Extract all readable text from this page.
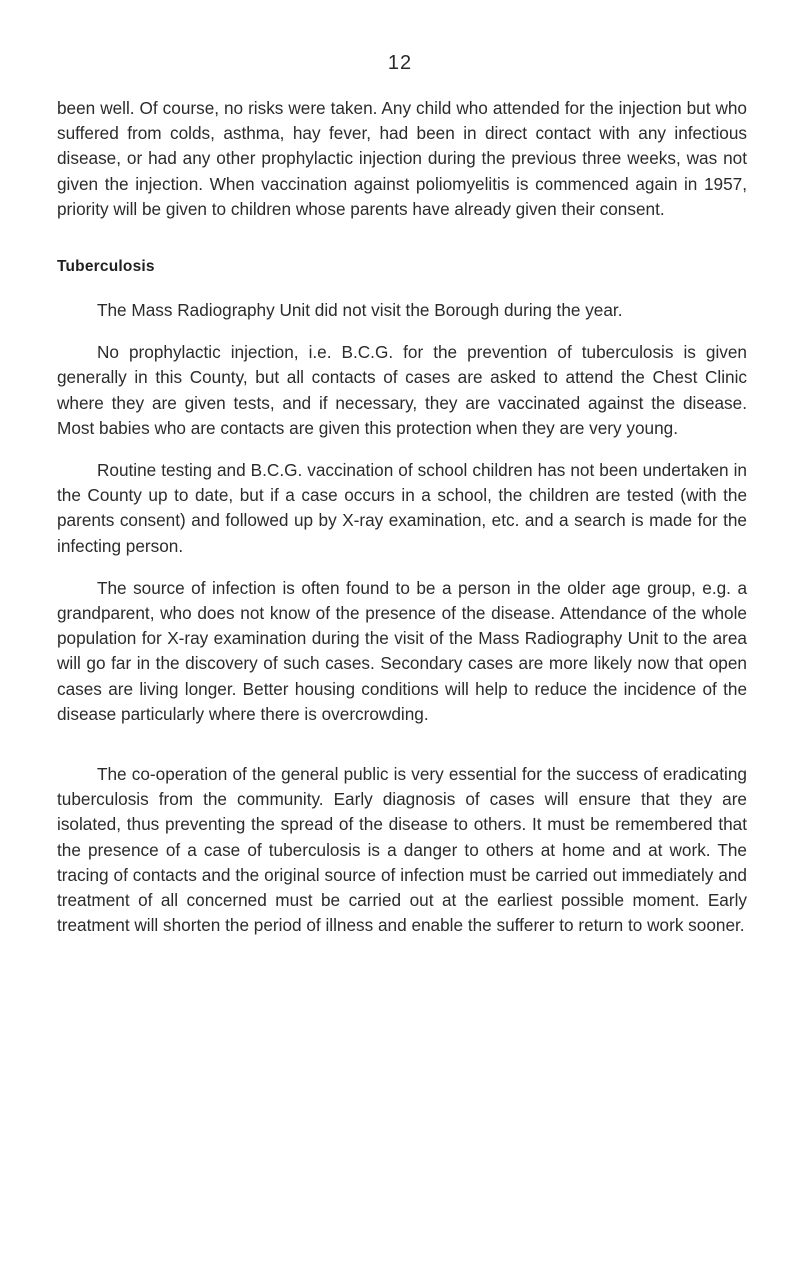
12

been well. Of course, no risks were taken. Any child who attended for the injection but who suffered from colds, asthma, hay fever, had been in direct contact with any infectious disease, or had any other prophylactic injection during the previous three weeks, was not given the injection. When vaccination against poliomyelitis is commenced again in 1957, priority will be given to children whose parents have already given their consent.

Tuberculosis

The Mass Radiography Unit did not visit the Borough during the year.

No prophylactic injection, i.e. B.C.G. for the prevention of tuberculosis is given generally in this County, but all contacts of cases are asked to attend the Chest Clinic where they are given tests, and if necessary, they are vaccinated against the disease. Most babies who are contacts are given this protection when they are very young.

Routine testing and B.C.G. vaccination of school children has not been undertaken in the County up to date, but if a case occurs in a school, the children are tested (with the parents consent) and followed up by X-ray examination, etc. and a search is made for the infecting person.

The source of infection is often found to be a person in the older age group, e.g. a grandparent, who does not know of the presence of the disease. Attendance of the whole population for X-ray examination during the visit of the Mass Radiography Unit to the area will go far in the discovery of such cases. Secondary cases are more likely now that open cases are living longer. Better housing conditions will help to reduce the incidence of the disease particularly where there is overcrowding.

The co-operation of the general public is very essential for the success of eradicating tuberculosis from the community. Early diagnosis of cases will ensure that they are isolated, thus preventing the spread of the disease to others. It must be remembered that the presence of a case of tuberculosis is a danger to others at home and at work. The tracing of contacts and the original source of infection must be carried out immediately and treatment of all concerned must be carried out at the earliest possible moment. Early treatment will shorten the period of illness and enable the sufferer to return to work sooner.
